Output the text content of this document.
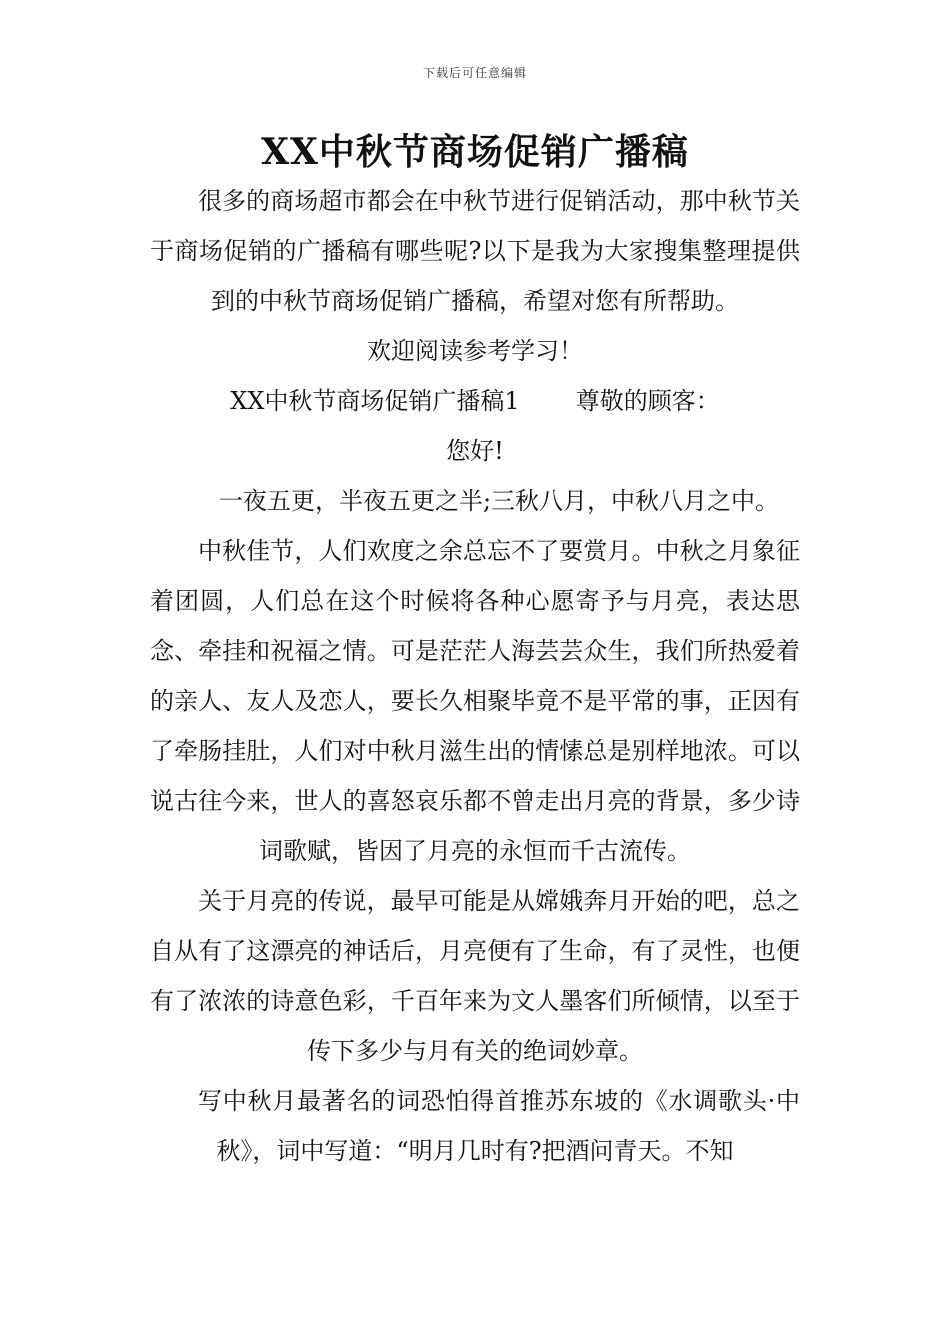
下载后可任意编辑
XX中秋节商场促销广播稿

很多的商场超市都会在中秋节进行促销活动，那中秋节关于商场促销的广播稿有哪些呢?以下是我为大家搜集整理提供到的中秋节商场促销广播稿，希望对您有所帮助。

欢迎阅读参考学习！

XX中秋节商场促销广播稿1 尊敬的顾客：

您好!

一夜五更，半夜五更之半;三秋八月，中秋八月之中。

中秋佳节，人们欢度之余总忘不了要赏月。中秋之月象征着团圆，人们总在这个时候将各种心愿寄予与月亮，表达思念、牵挂和祝福之情。可是茫茫人海芸芸众生，我们所热爱着的亲人、友人及恋人，要长久相聚毕竟不是平常的事，正因有了牵肠挂肚，人们对中秋月滋生出的情愫总是别样地浓。可以说古往今来，世人的喜怒哀乐都不曾走出月亮的背景，多少诗词歌赋，皆因了月亮的永恒而千古流传。

关于月亮的传说，最早可能是从嫦娥奔月开始的吧，总之自从有了这漂亮的神话后，月亮便有了生命，有了灵性，也便有了浓浓的诗意色彩，千百年来为文人墨客们所倾情，以至于传下多少与月有关的绝词妙章。

写中秋月最著名的词恐怕得首推苏东坡的《水调歌头·中秋》，词中写道：“明月几时有?把酒问青天。不知
